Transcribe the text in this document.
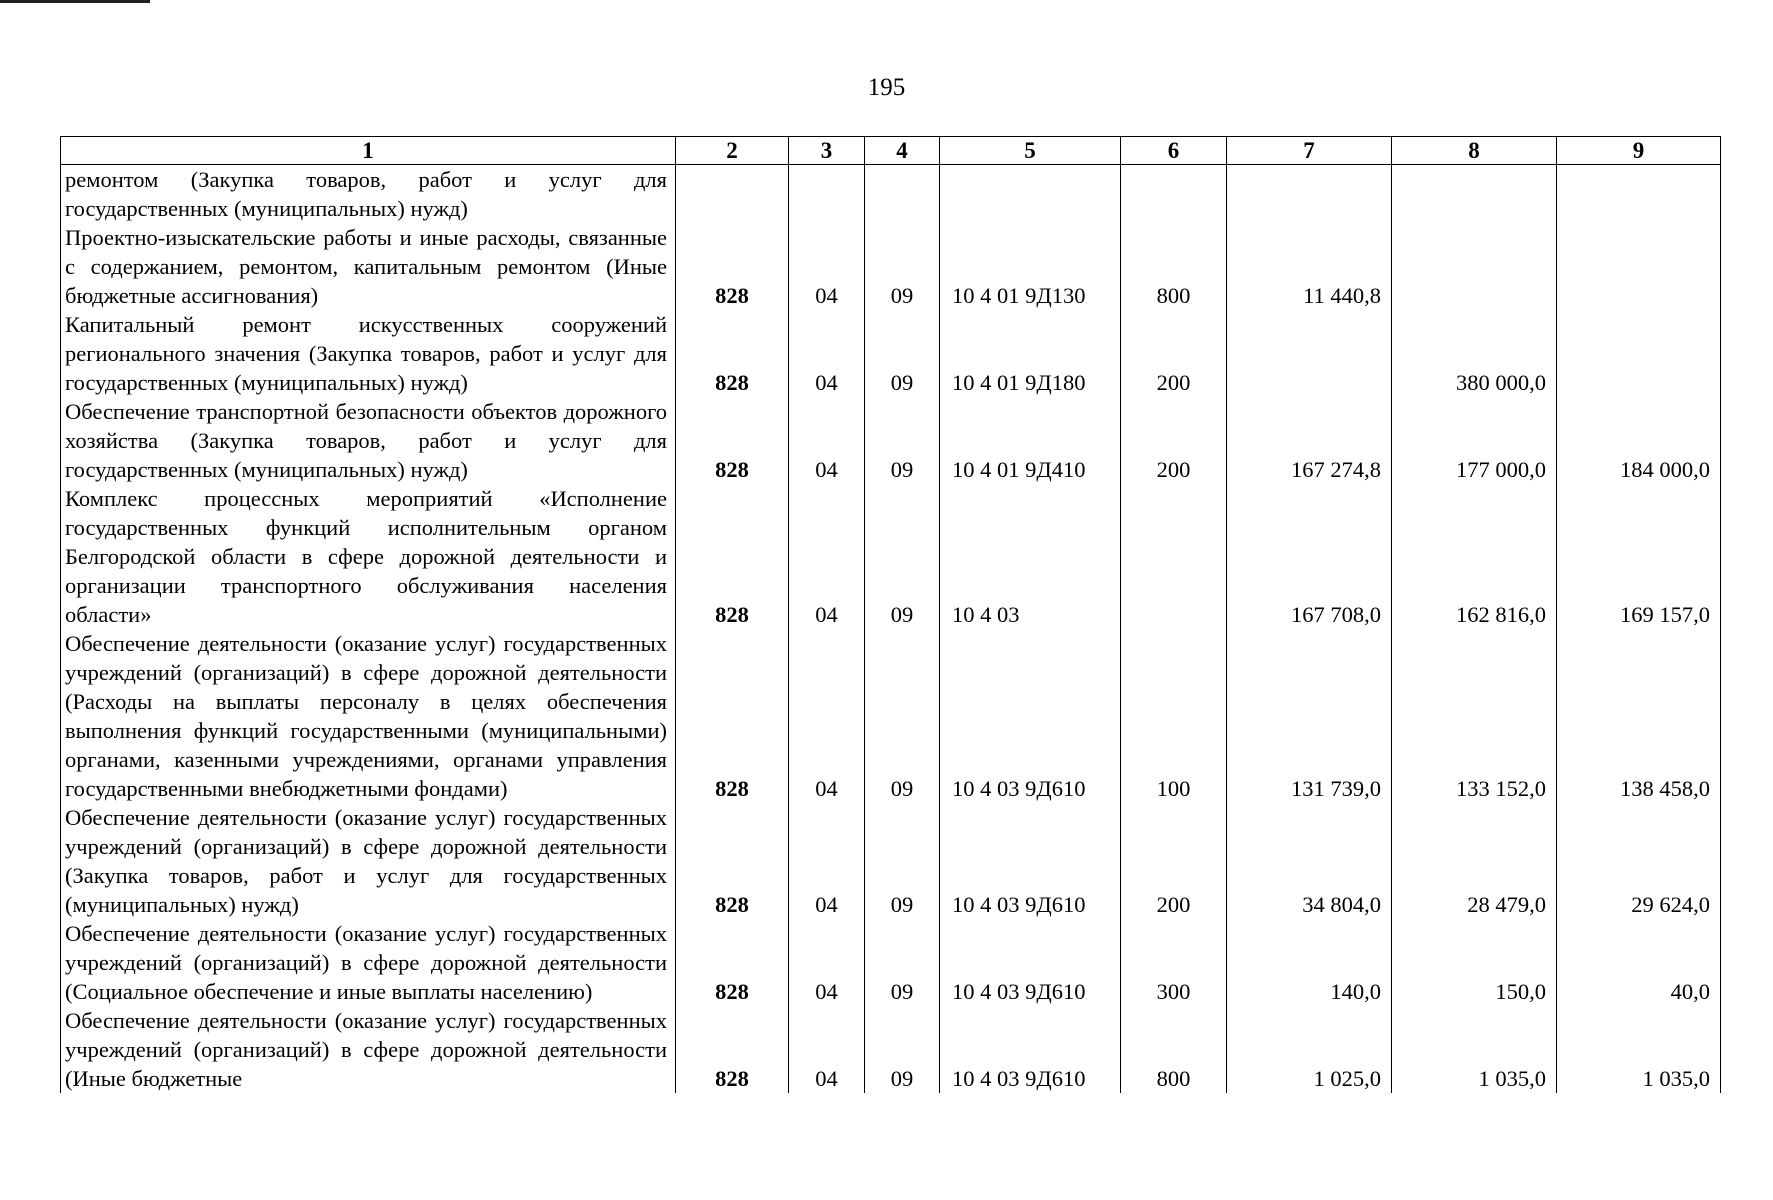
195
1	2	3	4	5	6	7	8	9
ремонтом (Закупка товаров, работ и услуг для государственных (муниципальных) нужд)								
Проектно-изыскательские работы и иные расходы, связанные с содержанием, ремонтом, капитальным ремонтом (Иные бюджетные ассигнования)	828	04	09	10 4 01 9Д130	800	11 440,8		
Капитальный ремонт искусственных сооружений регионального значения (Закупка товаров, работ и услуг для государственных (муниципальных) нужд)	828	04	09	10 4 01 9Д180	200		380 000,0	
Обеспечение транспортной безопасности объектов дорожного хозяйства (Закупка товаров, работ и услуг для государственных (муниципальных) нужд)	828	04	09	10 4 01 9Д410	200	167 274,8	177 000,0	184 000,0
Комплекс процессных мероприятий «Исполнение государственных функций исполнительным органом Белгородской области в сфере дорожной деятельности и организации транспортного обслуживания населения области»	828	04	09	10 4 03		167 708,0	162 816,0	169 157,0
Обеспечение деятельности (оказание услуг) государственных учреждений (организаций) в сфере дорожной деятельности (Расходы на выплаты персоналу в целях обеспечения выполнения функций государственными (муниципальными) органами, казенными учреждениями, органами управления государственными внебюджетными фондами)	828	04	09	10 4 03 9Д610	100	131 739,0	133 152,0	138 458,0
Обеспечение деятельности (оказание услуг) государственных учреждений (организаций) в сфере дорожной деятельности (Закупка товаров, работ и услуг для государственных (муниципальных) нужд)	828	04	09	10 4 03 9Д610	200	34 804,0	28 479,0	29 624,0
Обеспечение деятельности (оказание услуг) государственных учреждений (организаций) в сфере дорожной деятельности (Социальное обеспечение и иные выплаты населению)	828	04	09	10 4 03 9Д610	300	140,0	150,0	40,0
Обеспечение деятельности (оказание услуг) государственных учреждений (организаций) в сфере дорожной деятельности (Иные бюджетные	828	04	09	10 4 03 9Д610	800	1 025,0	1 035,0	1 035,0
